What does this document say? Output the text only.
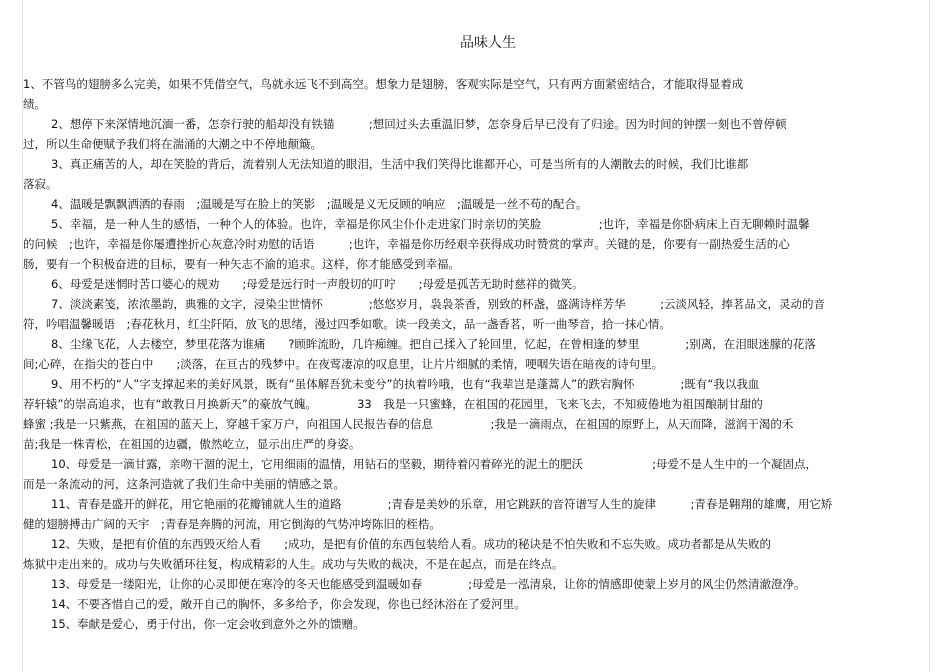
品味人生
1、不管鸟的翅膀多么完美，如果不凭借空气，鸟就永远飞不到高空。想象力是翅膀，客观实际是空气，只有两方面紧密结合，才能取得显着成
绩。
2、想停下来深情地沉湎一番，怎奈行驶的船却没有铁锚　　　;想回过头去重温旧梦，怎奈身后早已没有了归途。因为时间的钟摆一刻也不曾停顿
过，所以生命便赋予我们将在湍涌的大潮之中不停地颠簸。
3、真正痛苦的人，却在笑脸的背后，流着别人无法知道的眼泪，生活中我们笑得比谁都开心，可是当所有的人潮散去的时候，我们比谁都
落寂。
4、温暖是飘飘洒洒的春雨　;温暖是写在脸上的笑影　;温暖是义无反顾的响应　;温暖是一丝不苟的配合。
5、幸福，是一种人生的感悟，一种个人的体验。也许，幸福是你风尘仆仆走进家门时亲切的笑脸　　　　　;也许，幸福是你卧病床上百无聊赖时温馨
的问候　;也许，幸福是你屡遭挫折心灰意冷时劝慰的话语　　　;也许，幸福是你历经艰辛获得成功时赞赏的掌声。关键的是，你要有一副热爱生活的心
肠，要有一个积极奋进的目标，要有一种矢志不渝的追求。这样，你才能感受到幸福。
6、母爱是迷惘时苦口婆心的规劝　　;母爱是远行时一声殷切的叮咛　　;母爱是孤苦无助时慈祥的微笑。
7、淡淡素笺，浓浓墨韵，典雅的文字，浸染尘世情怀　　　　;悠悠岁月，袅袅茶香，别致的杯盏，盛满诗样芳华　　　;云淡风轻，捧茗品文，灵动的音
符，吟唱温馨暖语　;春花秋月，红尘阡陌，放飞的思绪，漫过四季如歌。读一段美文，品一盏香茗，听一曲琴音，拾一抹心情。
8、尘缘飞花，人去楼空，梦里花落为谁痛　　?顾眸流盼，几许痴缠。把自己揉入了轮回里，忆起，在曾相逢的梦里　　　　;别离，在泪眼迷朦的花落
间;心碎，在指尖的苍白中　　;淡落，在亘古的残梦中。在夜莺凄凉的叹息里，让片片细腻的柔情，哽咽失语在暗夜的诗句里。
9、用不朽的“人”字支撑起来的美好风景，既有“虽体解吾犹未变兮”的执着吟哦，也有“我辈岂是蓬蒿人”的跌宕胸怀　　　　;既有“我以我血
荐轩辕”的崇高追求，也有“敢教日月换新天”的豪放气魄。　　　　33　我是一只蜜蜂，在祖国的花园里，飞来飞去，不知疲倦地为祖国酿制甘甜的
蜂蜜 ;我是一只紫燕，在祖国的蓝天上，穿越千家万户，向祖国人民报告春的信息　　　　　;我是一滴雨点，在祖国的原野上，从天而降，滋润干渴的禾
苗;我是一株青松，在祖国的边疆，傲然屹立，显示出庄严的身姿。
10、母爱是一滴甘露，亲吻干涸的泥土，它用细雨的温情，用钻石的坚毅，期待着闪着碎光的泥土的肥沃　　　　　　;母爱不是人生中的一个凝固点，
而是一条流动的河，这条河造就了我们生命中美丽的情感之景。
11、青春是盛开的鲜花，用它艳丽的花瓣铺就人生的道路　　　　;青春是美妙的乐章，用它跳跃的音符谱写人生的旋律　　　;青春是翱翔的雄鹰，用它矫
健的翅膀搏击广阔的天宇　;青春是奔腾的河流，用它倒海的气势冲垮陈旧的桎梏。
12、失败，是把有价值的东西毁灭给人看　　;成功，是把有价值的东西包装给人看。成功的秘诀是不怕失败和不忘失败。成功者都是从失败的
炼狱中走出来的。成功与失败循环往复，构成精彩的人生。成功与失败的裁决，不是在起点，而是在终点。
13、母爱是一缕阳光，让你的心灵即便在寒冷的冬天也能感受到温暖如春　　　　;母爱是一泓清泉，让你的情感即使蒙上岁月的风尘仍然清澈澄净。
14、不要吝惜自己的爱，敞开自己的胸怀，多多给予，你会发现，你也已经沐浴在了爱河里。
15、奉献是爱心，勇于付出，你一定会收到意外之外的馈赠。
